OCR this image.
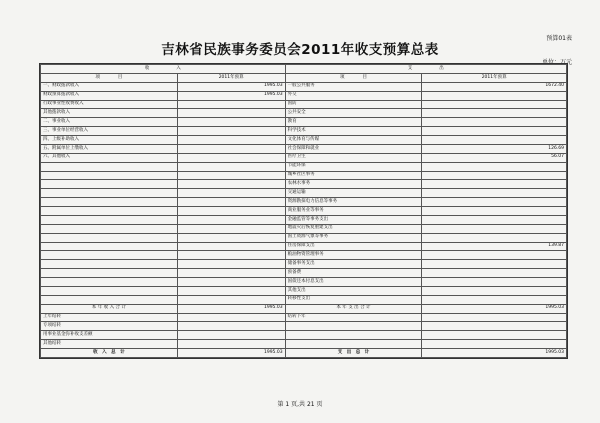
预算01表
吉林省民族事务委员会2011年收支预算总表
单位：万元
收　　　　　　入		支　　　　　　出	
项　　　　目	2011年预算	项　　　　目	2011年预算
一、财政拨款收入	1995.03	一般公共服务	1672.40
财政预算拨款收入	1995.03	外交	
行政事业性收费收入		国防	
其他拨款收入		公共安全	
二、事业收入		教育	
三、事业单位经营收入		科学技术	
四、上级补助收入		文化体育与传媒	
五、附属单位上缴收入		社会保障和就业	126.69
六、其他收入		医疗卫生	56.07
		节能环保	
		城乡社区事务	
		农林水事务	
		交通运输	
		资源勘探电力信息等事务	
		商业服务业等事务	
		金融监管等事务支出	
		地震灾后恢复重建支出	
		国土资源气象等事务	
		住房保障支出	139.87
		粮油物资管理事务	
		储备事务支出	
		预备费	
		国债还本付息支出	
		其他支出	
		转移性支出	
本 年 收 入 合 计	1995.03	本 年 支 出 合 计	1995.03
上年结转		结转下年	
专项结转			
用事业基金弥补收支差额			
其他结转			
收　入　总　计	1995.03	支　出　总　计	1995.03
第 1 页,共 21 页
